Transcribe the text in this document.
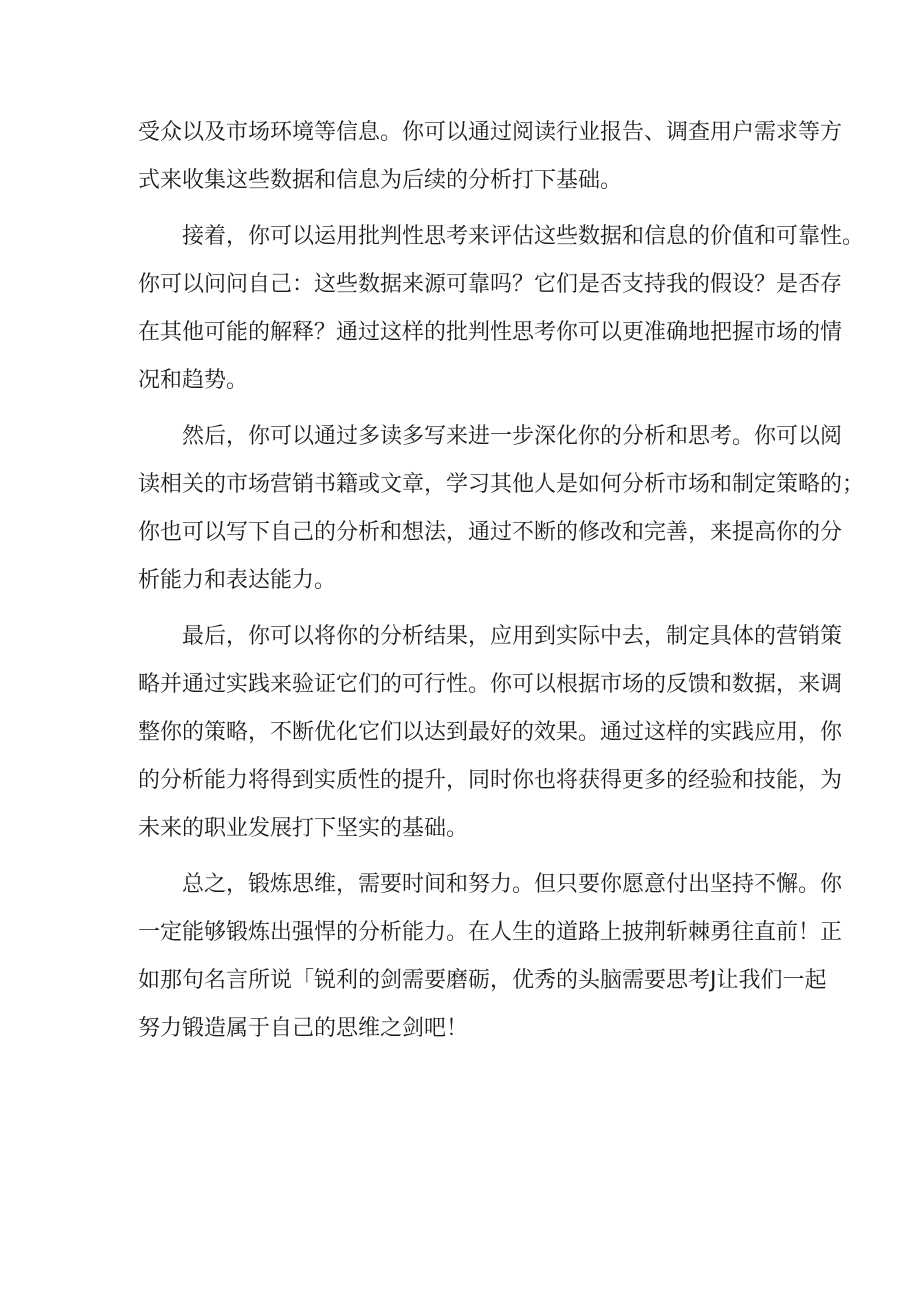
受众以及市场环境等信息。你可以通过阅读行业报告、调查用户需求等方
式来收集这些数据和信息为后续的分析打下基础。
　　接着，你可以运用批判性思考来评估这些数据和信息的价值和可靠性。
你可以问问自己：这些数据来源可靠吗？它们是否支持我的假设？是否存
在其他可能的解释？通过这样的批判性思考你可以更准确地把握市场的情
况和趋势。
　　然后，你可以通过多读多写来进一步深化你的分析和思考。你可以阅
读相关的市场营销书籍或文章，学习其他人是如何分析市场和制定策略的；
你也可以写下自己的分析和想法，通过不断的修改和完善，来提高你的分
析能力和表达能力。
　　最后，你可以将你的分析结果，应用到实际中去，制定具体的营销策
略并通过实践来验证它们的可行性。你可以根据市场的反馈和数据，来调
整你的策略，不断优化它们以达到最好的效果。通过这样的实践应用，你
的分析能力将得到实质性的提升，同时你也将获得更多的经验和技能，为
未来的职业发展打下坚实的基础。
　　总之，锻炼思维，需要时间和努力。但只要你愿意付出坚持不懈。你
一定能够锻炼出强悍的分析能力。在人生的道路上披荆斩棘勇往直前！正
如那句名言所说「锐利的剑需要磨砺，优秀的头脑需要思考J让我们一起
努力锻造属于自己的思维之剑吧！
